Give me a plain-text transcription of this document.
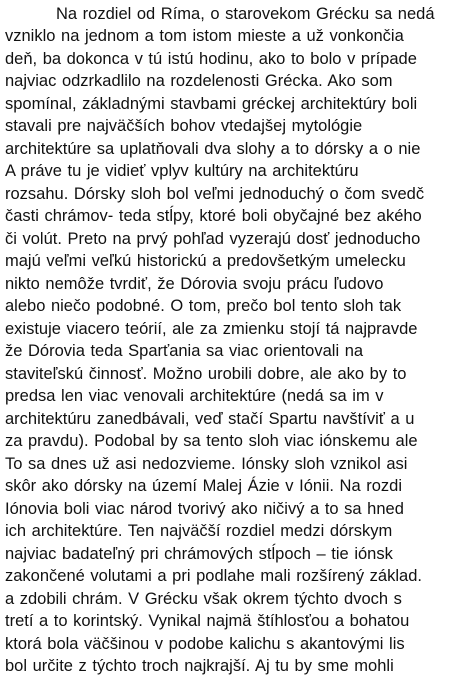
Na rozdiel od Ríma, o starovekom Grécku sa nedá
vzniklo na jednom a tom istom mieste a už vonkončia
deň, ba dokonca v tú istú hodinu, ako to bolo v prípade
najviac odzrkadlilo na rozdelenosti Grécka. Ako som
spomínal, základnými stavbami gréckej architektúry boli
stavali pre najväčších bohov vtedajšej mytológie
architektúre sa uplatňovali dva slohy a to dórsky a o nie
A práve tu je vidieť vplyv kultúry na architektúru
rozsahu. Dórsky sloh bol veľmi jednoduchý o čom svedč
časti chrámov- teda stĺpy, ktoré boli obyčajné bez akého
či volút. Preto na prvý pohľad vyzerajú dosť jednoducho
majú veľmi veľkú historickú a predovšetkým umelecku
nikto nemôže tvrdiť, že Dórovia svoju prácu ľudovo
alebo niečo podobné. O tom, prečo bol tento sloh tak
existuje viacero teórií, ale za zmienku stojí tá najpravde
že Dórovia teda Sparťania sa viac orientovali na
staviteľskú činnosť. Možno urobili dobre, ale ako by to
predsa len viac venovali architektúre (nedá sa im v
architektúru zanedbávali, veď stačí Spartu navštíviť a u
za pravdu). Podobal by sa tento sloh viac iónskemu ale
To sa dnes už asi nedozvieme. Iónsky sloh vznikol asi
skôr ako dórsky na území Malej Ázie v Iónii. Na rozdi
Iónovia boli viac národ tvorivý ako ničivý a to sa hned
ich architektúre. Ten najväčší rozdiel medzi dórskym
najviac badateľný pri chrámových stĺpoch – tie iónsk
zakončené volutami a pri podlahe mali rozšírený základ.
a zdobili chrám. V Grécku však okrem týchto dvoch s
tretí a to korintský. Vynikal najmä štíhlosťou a bohatou
ktorá bola väčšinou v podobe kalichu s akantovými lis
bol určite z týchto troch najkrajší. Aj tu by sme mohli
